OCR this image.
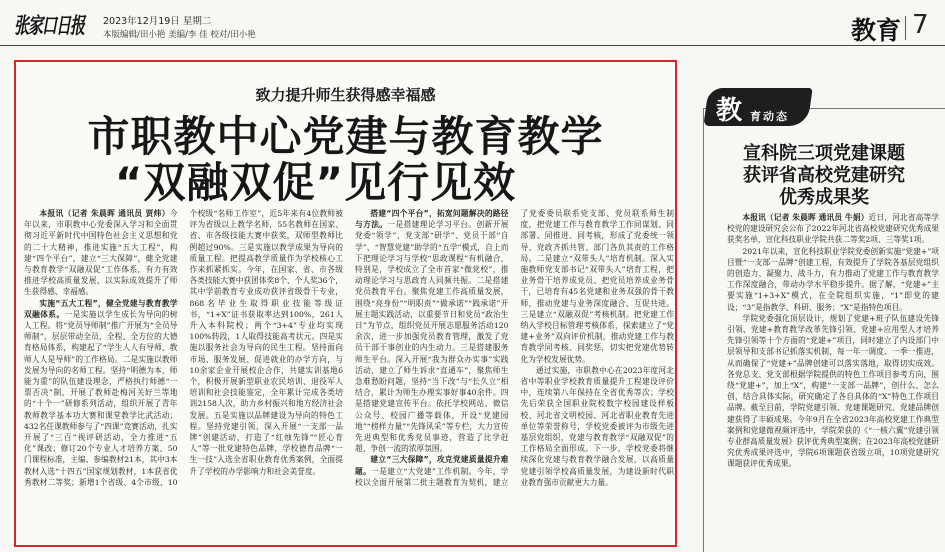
张家口日报 2023年12月19日 星期二
本版编辑/田小艳 美编/李 佳 校对/田小艳	教育 7
致力提升师生获得感幸福感
市职教中心党建与教育教学
“双融双促”见行见效

本报讯（记者 朱晨晖 通讯员 贾炜）今年以来，市职教中心党委深入学习和全面贯彻习近平新时代中国特色社会主义思想和党的二十大精神，推进实施“五大工程”，构建“四个平台”，建立“三大保障”，健全党建与教育教学“双融双促”工作体系，有力有效推进学校高质量发展，以实际成效提升了师生获得感、幸福感。

实施“五大工程”，健全党建与教育教学双融体系。一是实施以学生成长为导向的树人工程。将“党员导师制”推广开展为“全员导师制”，层层带动全员、全程、全方位的大德育格局体系，构建起了“学生人人有导师、教师人人是导师”的工作格局。二是实施以教师发展为导向的名师工程。坚持“明德为本，师能为重”的队伍建设理念，严格执行师德“一票否决”制，开展了教师赴梅河关好兰等地的“十个一”研修系列活动，组织开展了青年教师教学基本功大赛和课堂教学比武活动；432名任课教师参与了“四课”竞赛活动，扎实开展了“三百”视评研活动，全力推进“五化”课改；修订20个专业人才培养方案、50门课程标准，主编、参编教材21本，其中3本教材入选“十四五”国家规划教材，1本获省优秀教材二等奖；新增1个省级、4个市级、10个校级“名师工作室”，近5年来有4位教师被评为省级以上教学名师，55名教师在国家、省、市各级技能大赛中获奖，双师型教师比例超过90%。三是实施以教学成果为导向的质量工程。把提高教学质量作为学校核心工作来抓紧抓实。今年，在国家、省、市各级各类技能大赛中获团体奖8个、个人奖36个，其中学前教育专业成功获评省级骨干专业，868名毕业生取得职业技能等级证书，“1+X”证书获取率达到100%，261人升入本科院校；两个“3+4”专业均实现100%转段，1人取得技能高考状元。四是实施以服务社会为导向的民生工程。坚持面向市场、服务发展、促进就业的办学方向，与10余家企业开展校企合作，共建实训基地6个，积极开展新型职业农民培训、退役军人培训和社会技能鉴定，全年累计完成各类培训2158人次，助力乡村振兴和地方经济社会发展。五是实施以品牌建设为导向的特色工程。坚持党建引领，深入开展“一支部一品牌”创建活动，打造了“红烛先锋”“匠心育人”等一批党建特色品牌，学校德育品牌“一生一技”入选全省职业教育优秀案例，全面提升了学校的办学影响力和社会美誉度。

搭建“四个平台”，拓宽问题解决的路径与方法。一是搭建理论学习平台。创新开展党委“领学”、党支部“研学”、党员干部“自学”、“智慧党建”助学的“五学”模式，自上而下把理论学习与学校“思政课程”有机融合，特别是，学校成立了全市首家“微党校”，推动理论学习与思政育人同频共振。二是搭建党员教育平台。聚焦党建工作高质量发展，围绕“亮身份”“明职责”“做承诺”“践承诺”开展主题实践活动，以重要节日和党员“政治生日”为节点，组织党员开展志愿服务活动120余次，进一步加强党员教育管理，激发了党员干部干事创业的内生动力。三是搭建服务师生平台。深入开展“我为群众办实事”实践活动，建立了师生诉求“直通车”，聚焦师生急难愁盼问题，坚持“当下改”与“长久立”相结合，累计为师生办理实事好事40余件。四是搭建党建宣传平台。依托学校网站、微信公众号、校园广播等载体，开设“党建园地”“榜样力量”“先锋风采”等专栏，大力宣传先进典型和优秀党员事迹，营造了比学赶超、争创一流的浓厚氛围。

建立“三大保障”，攻克党建质量提升难题。一是建立“大党建”工作机制。今年，学校以全面开展第二批主题教育为契机，建立了党委委员联系党支部、党员联系师生制度，把党建工作与教育教学工作同谋划、同部署、同推进、同考核，形成了党委统一领导、党政齐抓共管、部门各负其责的工作格局。二是建立“双带头人”培育机制。深入实施教师党支部书记“双带头人”培育工程，把业务骨干培养成党员、把党员培养成业务骨干，已培育有45名党建和业务双强的骨干教师，推动党建与业务深度融合、互促共进。三是建立“双融双促”考核机制。把党建工作纳入学校目标管理考核体系，探索建立了“党建+业务”双向评价机制，推动党建工作与教育教学同考核、同奖惩，切实把党建优势转化为学校发展优势。

通过实施，市职教中心在2023年度河北省中等职业学校教育质量提升工程建设评价中，连续第八年保持在全省优秀等次；学校先后荣获全国职业院校数字校园建设样板校、河北省文明校园、河北省职业教育先进单位等荣誉称号，学校党委被评为市级先进基层党组织，党建与教育教学“双融双促”的工作格局全面形成。下一步，学校党委将继续深化党建与教育教学融合发展，以高质量党建引领学校高质量发展，为建设新时代职业教育强市贡献更大力量。

教 育动态
宣科院三项党建课题
获评省高校党建研究
优秀成果奖

本报讯（记者 朱晨晖 通讯员 牛娟）近日，河北省高等学校党的建设研究会公布了2022年河北省高校党建研究优秀成果获奖名单，宣化科技职业学院共获二等奖2项、三等奖1项。

2021年以来，宣化科技职业学院党委创新实施“党建+”项目暨“一支部一品牌”创建工程，有效提升了学院各基层党组织的创造力、凝聚力、战斗力，有力推动了党建工作与教育教学工作深度融合，带动办学水平稳步提升。据了解，“党建+”主要实施“1+3+X”模式，在全院组织实施，“1”即党的建设；“3”是指教学、科研、服务；“X”是指特色项目。

学院党委强化顶层设计，规划了党建+班子队伍建设先锋引领、党建+教育教学改革先锋引领、党建+应用型人才培养先锋引领等十个方面的“党建+”项目，同时建立了内设部门中层领导和支部书记抓落实机制，每一年一调度、一季一推进，从而确保了“党建+”品牌创建可以落实落地，取得切实成效。各党总支、党支部根据学院提供的特色工作项目参考方向，围绕“党建+”，加上“X”，构建“一支部一品牌”，创什么、怎么创，结合具体实际，研究确定了各自具体的“X”特色工作项目品牌。截至目前，学院党建引领、党建课题研究、党建品牌创建获得了丰硕成果。今年9月在全省2023年高校党建工作典型案例和党建微视频评选中，学院荣获的《“一核六翼”党建引领专业群高质量发展》获评优秀典型案例；在2023年高校党建研究优秀成果评选中，学院6项课题获省级立项，10项党建研究课题获评优秀成果。
